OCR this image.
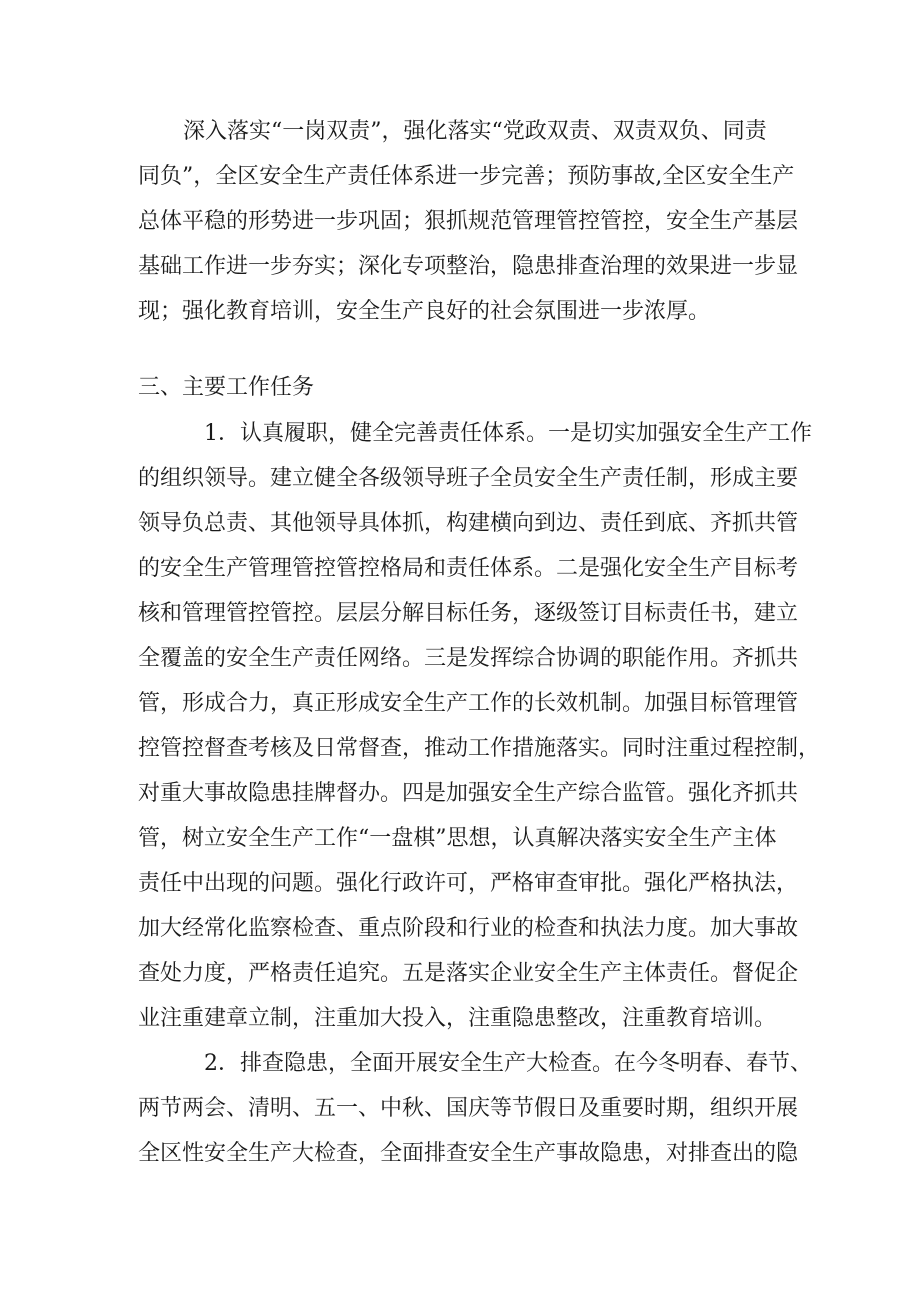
深入落实“一岗双责”，强化落实“党政双责、双责双负、同责

同负”，全区安全生产责任体系进一步完善；预防事故,全区安全生产

总体平稳的形势进一步巩固；狠抓规范管理管控管控，安全生产基层

基础工作进一步夯实；深化专项整治，隐患排查治理的效果进一步显

现；强化教育培训，安全生产良好的社会氛围进一步浓厚。

三、主要工作任务

1．认真履职，健全完善责任体系。一是切实加强安全生产工作

的组织领导。建立健全各级领导班子全员安全生产责任制，形成主要

领导负总责、其他领导具体抓，构建横向到边、责任到底、齐抓共管

的安全生产管理管控管控格局和责任体系。二是强化安全生产目标考

核和管理管控管控。层层分解目标任务，逐级签订目标责任书，建立

全覆盖的安全生产责任网络。三是发挥综合协调的职能作用。齐抓共

管，形成合力，真正形成安全生产工作的长效机制。加强目标管理管

控管控督查考核及日常督查，推动工作措施落实。同时注重过程控制，

对重大事故隐患挂牌督办。四是加强安全生产综合监管。强化齐抓共

管，树立安全生产工作“一盘棋”思想，认真解决落实安全生产主体

责任中出现的问题。强化行政许可，严格审查审批。强化严格执法，

加大经常化监察检查、重点阶段和行业的检查和执法力度。加大事故

查处力度，严格责任追究。五是落实企业安全生产主体责任。督促企

业注重建章立制，注重加大投入，注重隐患整改，注重教育培训。

2．排查隐患，全面开展安全生产大检查。在今冬明春、春节、

两节两会、清明、五一、中秋、国庆等节假日及重要时期，组织开展

全区性安全生产大检查，全面排查安全生产事故隐患，对排查出的隐
